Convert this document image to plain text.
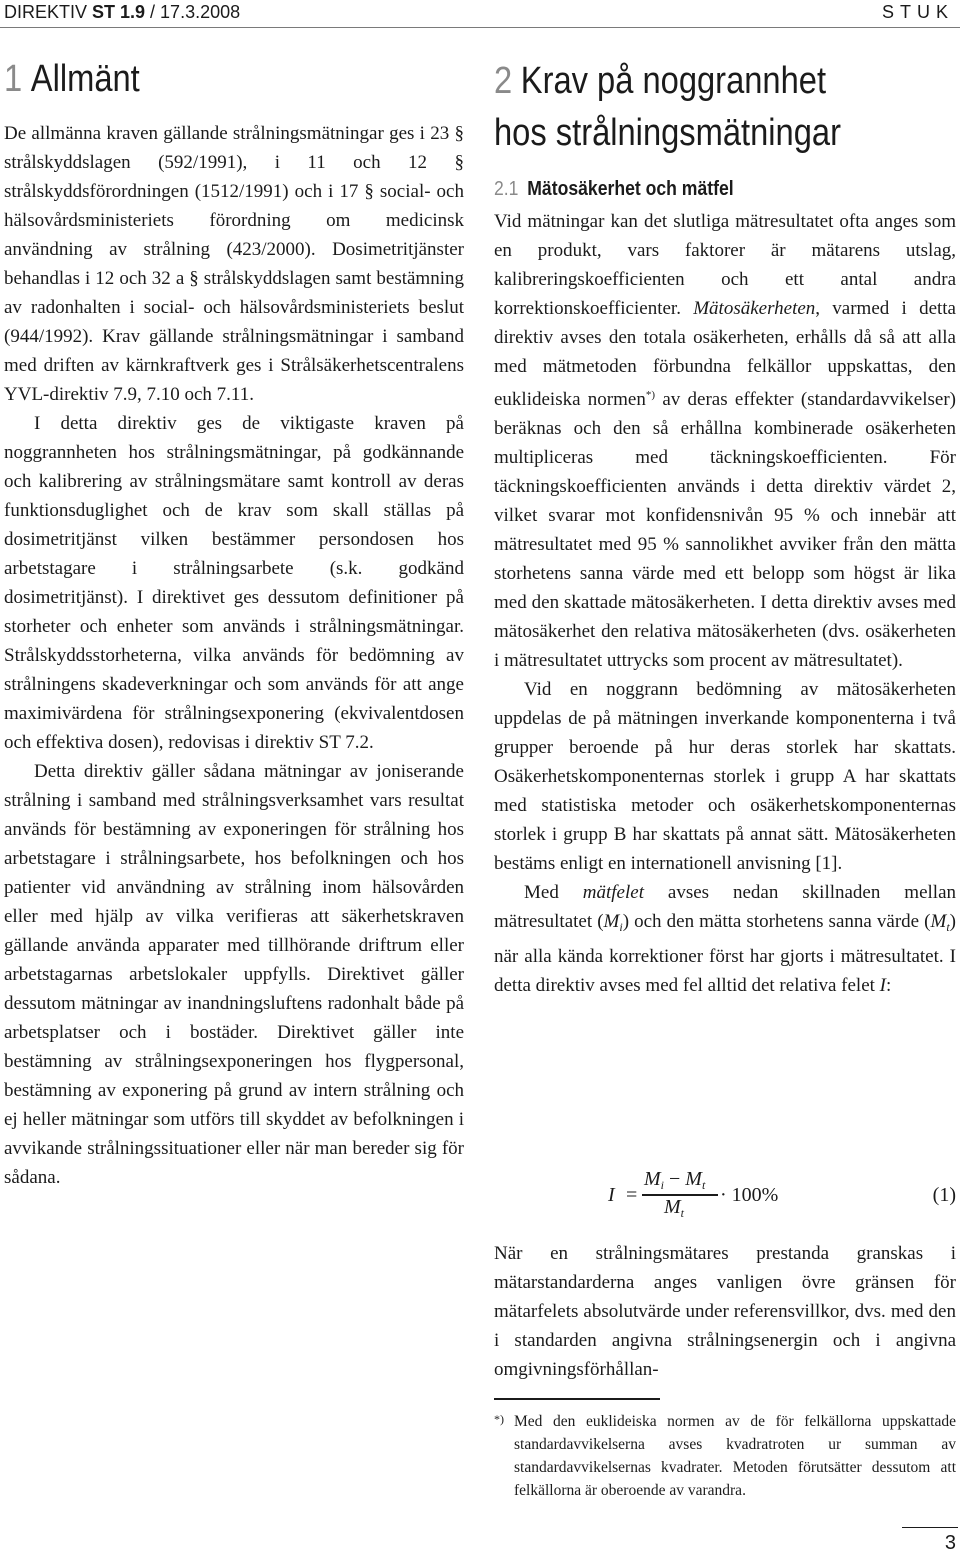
DIREKTIV ST 1.9 / 17.3.2008	STUK
1 Allmänt

De allmänna kraven gällande strålningsmätningar ges i 23 § strålskyddslagen (592/1991), i 11 och 12 § strålskyddsförordningen (1512/1991) och i 17 § social- och hälsovårdsministeriets förordning om medicinsk användning av strålning (423/2000). Dosimetritjänster behandlas i 12 och 32 a § strålskyddslagen samt bestämning av radonhalten i social- och hälsovårdsministeriets beslut (944/1992). Krav gällande strålningsmätningar i samband med driften av kärnkraftverk ges i Strålsäkerhetscentralens YVL-direktiv 7.9, 7.10 och 7.11.

I detta direktiv ges de viktigaste kraven på noggrannheten hos strålningsmätningar, på godkännande och kalibrering av strålningsmätare samt kontroll av deras funktionsduglighet och de krav som skall ställas på dosimetritjänst vilken bestämmer persondosen hos arbetstagare i strålningsarbete (s.k. godkänd dosimetritjänst). I direktivet ges dessutom definitioner på storheter och enheter som används i strålningsmätningar. Strålskyddsstorheterna, vilka används för bedömning av strålningens skadeverkningar och som används för att ange maximivärdena för strålningsexponering (ekvivalentdosen och effektiva dosen), redovisas i direktiv ST 7.2.

Detta direktiv gäller sådana mätningar av joniserande strålning i samband med strålningsverksamhet vars resultat används för bestämning av exponeringen för strålning hos arbetstagare i strålningsarbete, hos befolkningen och hos patienter vid användning av strålning inom hälsovården eller med hjälp av vilka verifieras att säkerhetskraven gällande använda apparater med tillhörande driftrum eller arbetstagarnas arbetslokaler uppfylls. Direktivet gäller dessutom mätningar av inandningsluftens radonhalt både på arbetsplatser och i bostäder. Direktivet gäller inte bestämning av strålningsexponeringen hos flygpersonal, bestämning av exponering på grund av intern strålning och ej heller mätningar som utförs till skyddet av befolkningen i avvikande strålningssituationer eller när man bereder sig för sådana.

2 Krav på noggrannhet
hos strålningsmätningar
2.1 Mätosäkerhet och mätfel

Vid mätningar kan det slutliga mätresultatet ofta anges som en produkt, vars faktorer är mätarens utslag, kalibreringskoefficienten och ett antal andra korrektionskoefficienter. Mätosäkerheten, varmed i detta direktiv avses den totala osäkerheten, erhålls då så att alla med mätmetoden förbundna felkällor uppskattas, den euklideiska normen*) av deras effekter (standardavvikelser) beräknas och den så erhållna kombinerade osäkerheten multipliceras med täckningskoefficienten. För täckningskoefficienten används i detta direktiv värdet 2, vilket svarar mot konfidensnivån 95 % och innebär att mätresultatet med 95 % sannolikhet avviker från den mätta storhetens sanna värde med ett belopp som högst är lika med den skattade mätosäkerheten. I detta direktiv avses med mätosäkerhet den relativa mätosäkerheten (dvs. osäkerheten i mätresultatet uttrycks som procent av mätresultatet).

Vid en noggrann bedömning av mätosäkerheten uppdelas de på mätningen inverkande komponenterna i två grupper beroende på hur deras storlek har skattats. Osäkerhetskomponenternas storlek i grupp A har skattats med statistiska metoder och osäkerhetskomponenternas storlek i grupp B har skattats på annat sätt. Mätosäkerheten bestäms enligt en internationell anvisning [1].

Med mätfelet avses nedan skillnaden mellan mätresultatet $(M_i)$ och den mätta storhetens sanna värde $(M_t)$ när alla kända korrektioner först har gjorts i mätresultatet. I detta direktiv avses med fel alltid det relativa felet I:

I =
$M_i - M_t$
$M_t$
· 100%	(1)

När en strålningsmätares prestanda granskas i mätarstandarderna anges vanligen övre gränsen för mätarfelets absolutvärde under referensvillkor, dvs. med den i standarden angivna strålningsenergin och i angivna omgivningsförhållan-

*) Med den euklideiska normen av de för felkällorna uppskattade standardavvikelserna avses kvadratroten ur summan av standardavvikelsernas kvadrater. Metoden förutsätter dessutom att felkällorna är oberoende av varandra.
3
